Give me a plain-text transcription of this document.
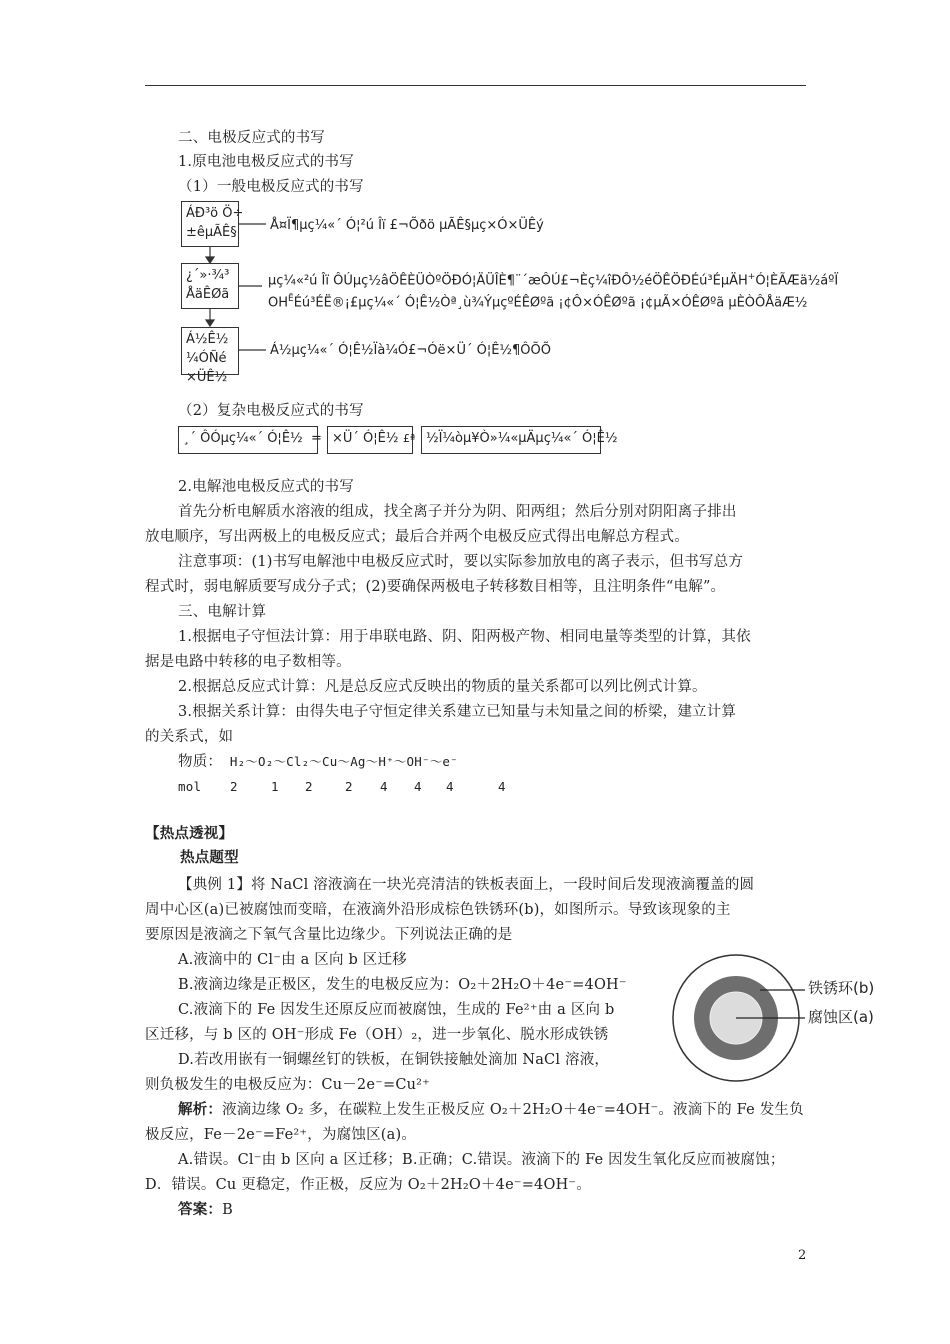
二、电极反应式的书写
1.原电池电极反应式的书写
（1）一般电极反应式的书写
ÁÐ³ö Ö÷
±êµÃÊ§	Å¤Ï¶µç¼«´ Ó¦²ú Îï £¬Õðö µÃÊ§µç×Ó×ÜÊý
¿´»·¾³
ÅäÊØã
µç¼«²ú Îï ÔÚµç½âÖÊÈÜÒºÖÐÓ¦ÄÜÎÈ¶¨´æÔÚ£¬Èç¼îÐÔ½éÖÊÖÐÉú³ÉµÄH+Ó¦ÈÃÆä½áºÏ
$OH^ËÉú^3ÉË®¡£\mu ç\frac{1}{4}«´$ Ó¦Ê½Òª¸ù¾ÝµçºÉÊØºã ¡¢Ô×ÓÊØºã ¡¢µÃ×ÓÊØºã µÈÒÔÅäÆ½
Á½Ê½¼ÓÑé×ÜÊ½
Á½µç¼«´ Ó¦Ê½Ïà¼Ó£¬Óë×Ü´ Ó¦Ê½¶ÔÕÕ
（2）复杂电极反应式的书写
¸´ ÔÓµç¼«´ Ó¦Ê½ = ×Ü´ Ó¦Ê½ £ª ½Ï¼òµ¥Ò»¼«µÄµç¼«´ Ó¦Ê½
2.电解池电极反应式的书写
首先分析电解质水溶液的组成，找全离子并分为阴、阳两组；然后分别对阴阳离子排出
放电顺序，写出两极上的电极反应式；最后合并两个电极反应式得出电解总方程式。
注意事项：(1)书写电解池中电极反应式时，要以实际参加放电的离子表示，但书写总方
程式时，弱电解质要写成分子式；(2)要确保两极电子转移数目相等，且注明条件“电解”。
三、电解计算
1.根据电子守恒法计算：用于串联电路、阴、阳两极产物、相同电量等类型的计算，其依
据是电路中转移的电子数相等。
2.根据总反应式计算：凡是总反应式反映出的物质的量关系都可以列比例式计算。
3.根据关系计算：由得失电子守恒定律关系建立已知量与未知量之间的桥梁，建立计算
的关系式，如
物质： H₂～O₂～Cl₂～Cu～Ag～H⁺～OH⁻～e⁻
mol 2	1 2	2 4 4 4	4
【热点透视】
热点题型
【典例 1】将 NaCl 溶液滴在一块光亮清洁的铁板表面上，一段时间后发现液滴覆盖的圆
周中心区(a)已被腐蚀而变暗，在液滴外沿形成棕色铁锈环(b)，如图所示。导致该现象的主
要原因是液滴之下氧气含量比边缘少。下列说法正确的是
A.液滴中的 Cl⁻由 a 区向 b 区迁移
B.液滴边缘是正极区，发生的电极反应为：O₂＋2H₂O＋4e⁻=4OH⁻
C.液滴下的 Fe 因发生还原反应而被腐蚀，生成的 Fe²⁺由 a 区向 b
区迁移，与 b 区的 OH⁻形成 Fe（OH）₂，进一步氧化、脱水形成铁锈
D.若改用嵌有一铜螺丝钉的铁板，在铜铁接触处滴加 NaCl 溶液，
则负极发生的电极反应为：Cu－2e⁻=Cu²⁺
解析：液滴边缘 O₂ 多，在碳粒上发生正极反应 O₂＋2H₂O＋4e⁻=4OH⁻。液滴下的 Fe 发生负
极反应，Fe－2e⁻=Fe²⁺，为腐蚀区(a)。
A.错误。Cl⁻由 b 区向 a 区迁移；B.正确；C.错误。液滴下的 Fe 因发生氧化反应而被腐蚀；
D．错误。Cu 更稳定，作正极，反应为 O₂＋2H₂O＋4e⁻=4OH⁻。
答案：B
铁锈环(b)
腐蚀区(a)
2
